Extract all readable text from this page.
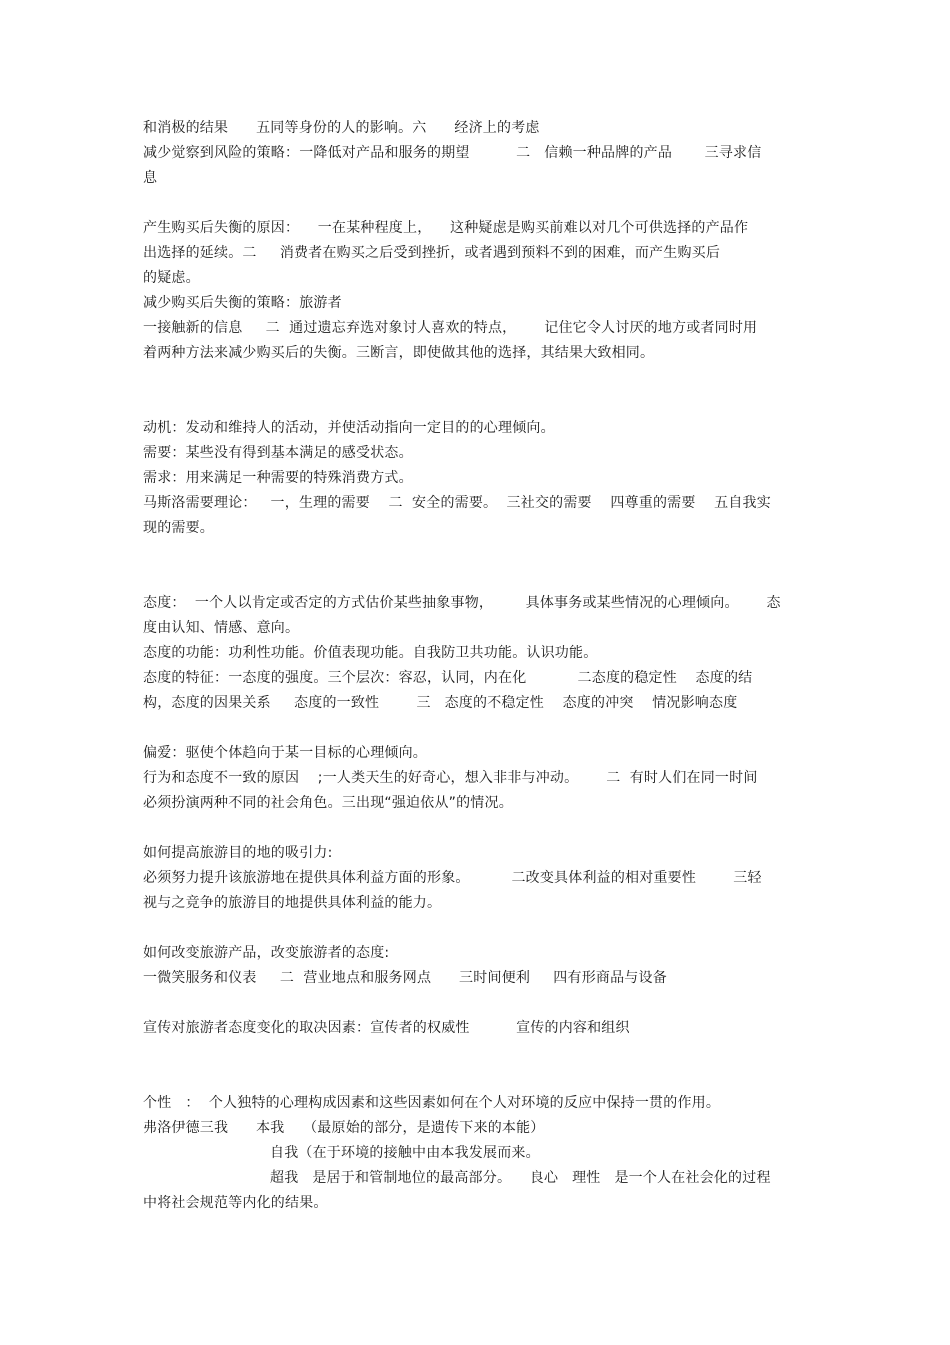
和消极的结果      五同等身份的人的影响。六      经济上的考虑
减少觉察到风险的策略：一降低对产品和服务的期望          二   信赖一种品牌的产品       三寻求信
息
产生购买后失衡的原因：    一在某种程度上，    这种疑虑是购买前难以对几个可供选择的产品作
出选择的延续。二     消费者在购买之后受到挫折，或者遇到预料不到的困难，而产生购买后
的疑虑。
减少购买后失衡的策略：旅游者
一接触新的信息     二  通过遗忘弃选对象讨人喜欢的特点，      记住它令人讨厌的地方或者同时用
着两种方法来减少购买后的失衡。三断言，即使做其他的选择，其结果大致相同。
动机：发动和维持人的活动，并使活动指向一定目的的心理倾向。
需要：某些没有得到基本满足的感受状态。
需求：用来满足一种需要的特殊消费方式。
马斯洛需要理论：   一，生理的需要    二  安全的需要。  三社交的需要    四尊重的需要    五自我实
现的需要。
态度：  一个人以肯定或否定的方式估价某些抽象事物，       具体事务或某些情况的心理倾向。      态
度由认知、情感、意向。
态度的功能：功利性功能。价值表现功能。自我防卫共功能。认识功能。
态度的特征：一态度的强度。三个层次：容忍，认同，内在化           二态度的稳定性    态度的结
构，态度的因果关系     态度的一致性        三   态度的不稳定性    态度的冲突    情况影响态度
偏爱：驱使个体趋向于某一目标的心理倾向。
行为和态度不一致的原因    ;一人类天生的好奇心，想入非非与冲动。      二  有时人们在同一时间
必须扮演两种不同的社会角色。三出现“强迫依从”的情况。
如何提高旅游目的地的吸引力:
必须努力提升该旅游地在提供具体利益方面的形象。         二改变具体利益的相对重要性        三轻
视与之竞争的旅游目的地提供具体利益的能力。
如何改变旅游产品，改变旅游者的态度:
一微笑服务和仪表     二  营业地点和服务网点      三时间便利     四有形商品与设备
宣传对旅游者态度变化的取决因素：宣传者的权威性          宣传的内容和组织
个性   ：  个人独特的心理构成因素和这些因素如何在个人对环境的反应中保持一贯的作用。
弗洛伊德三我      本我    （最原始的部分，是遗传下来的本能）
自我（在于环境的接触中由本我发展而来。
超我   是居于和管制地位的最高部分。    良心   理性   是一个人在社会化的过程
中将社会规范等内化的结果。
